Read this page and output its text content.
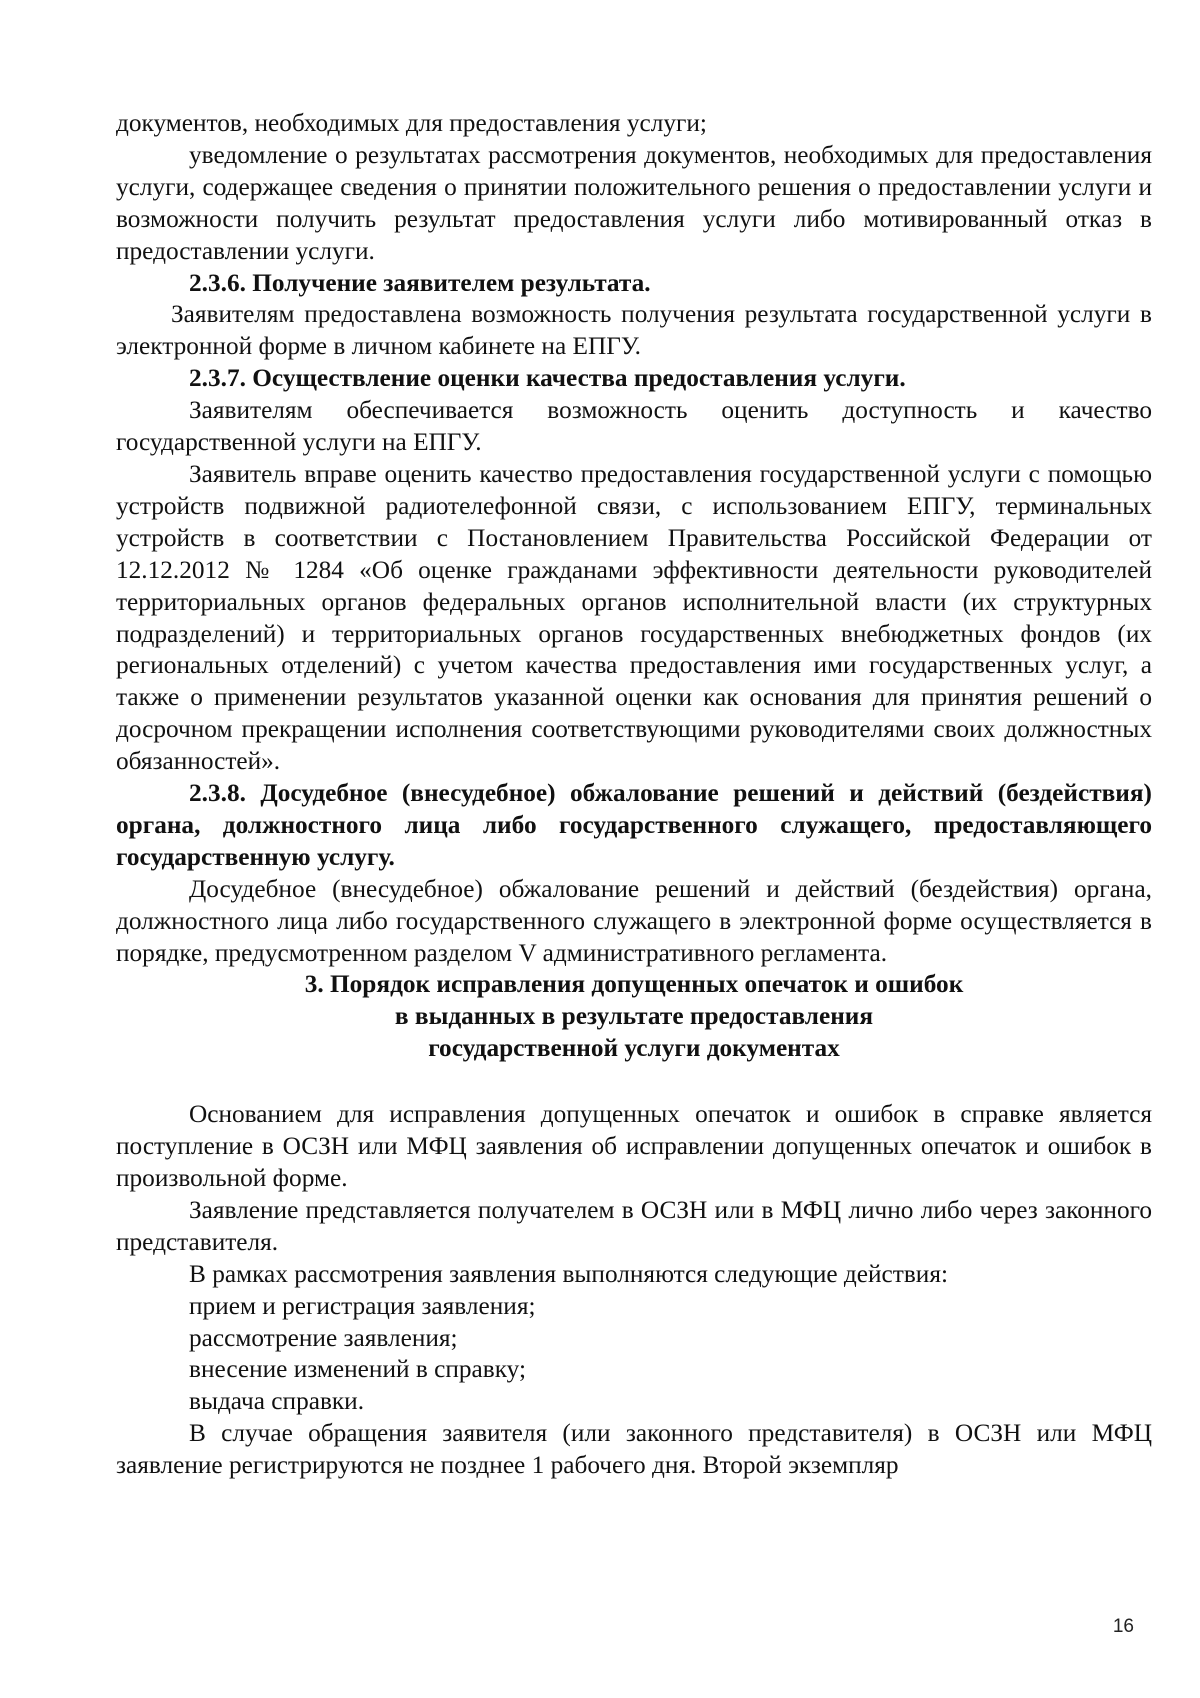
документов, необходимых для предоставления услуги;

уведомление о результатах рассмотрения документов, необходимых для предоставления услуги, содержащее сведения о принятии положительного решения о предоставлении услуги и возможности получить результат предоставления услуги либо мотивированный отказ в предоставлении услуги.

2.3.6. Получение заявителем результата.

Заявителям предоставлена возможность получения результата государственной услуги в электронной форме в личном кабинете на ЕПГУ.

2.3.7. Осуществление оценки качества предоставления услуги.

Заявителям обеспечивается возможность оценить доступность и качество государственной услуги на ЕПГУ.

Заявитель вправе оценить качество предоставления государственной услуги с помощью устройств подвижной радиотелефонной связи, с использованием ЕПГУ, терминальных устройств в соответствии с Постановлением Правительства Российской Федерации от 12.12.2012 № 1284 «Об оценке гражданами эффективности деятельности руководителей территориальных органов федеральных органов исполнительной власти (их структурных подразделений) и территориальных органов государственных внебюджетных фондов (их региональных отделений) с учетом качества предоставления ими государственных услуг, а также о применении результатов указанной оценки как основания для принятия решений о досрочном прекращении исполнения соответствующими руководителями своих должностных обязанностей».

2.3.8. Досудебное (внесудебное) обжалование решений и действий (бездействия) органа, должностного лица либо государственного служащего, предоставляющего государственную услугу.

Досудебное (внесудебное) обжалование решений и действий (бездействия) органа, должностного лица либо государственного служащего в электронной форме осуществляется в порядке, предусмотренном разделом V административного регламента.

3. Порядок исправления допущенных опечаток и ошибок

в выданных в результате предоставления

государственной услуги документах

Основанием для исправления допущенных опечаток и ошибок в справке является поступление в ОСЗН или МФЦ заявления об исправлении допущенных опечаток и ошибок в произвольной форме.

Заявление представляется получателем в ОСЗН или в МФЦ лично либо через законного представителя.

В рамках рассмотрения заявления выполняются следующие действия:

прием и регистрация заявления;

рассмотрение заявления;

внесение изменений в справку;

выдача справки.

В случае обращения заявителя (или законного представителя) в ОСЗН или МФЦ заявление регистрируются не позднее 1 рабочего дня. Второй экземпляр

16
